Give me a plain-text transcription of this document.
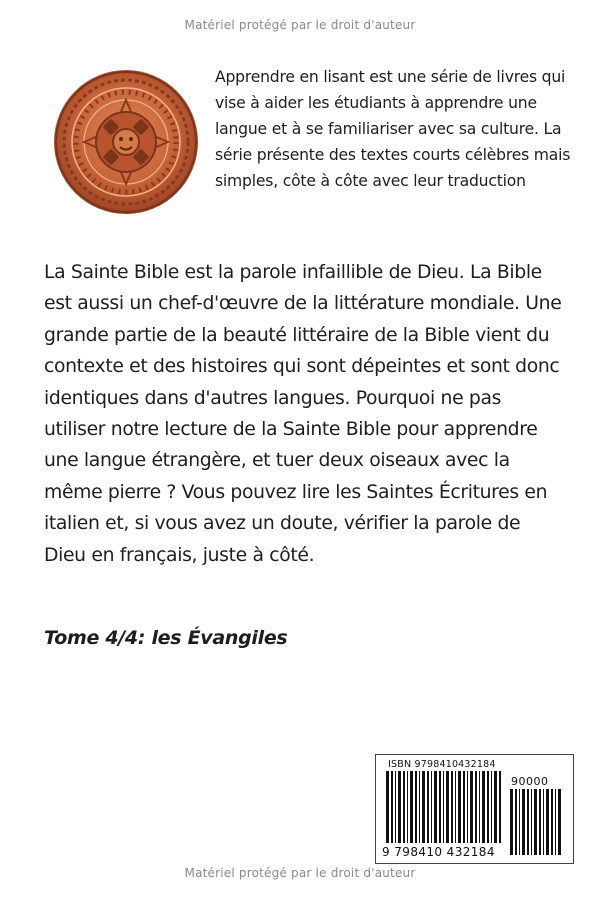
Matériel protégé par le droit d'auteur

Apprendre en lisant est une série de livres qui vise à aider les étudiants à apprendre une langue et à se familiariser avec sa culture. La série présente des textes courts célèbres mais simples, côte à côte avec leur traduction

La Sainte Bible est la parole infaillible de Dieu. La Bible est aussi un chef-d'œuvre de la littérature mondiale. Une grande partie de la beauté littéraire de la Bible vient du contexte et des histoires qui sont dépeintes et sont donc identiques dans d'autres langues. Pourquoi ne pas utiliser notre lecture de la Sainte Bible pour apprendre une langue étrangère, et tuer deux oiseaux avec la même pierre ? Vous pouvez lire les Saintes Écritures en italien et, si vous avez un doute, vérifier la parole de Dieu en français, juste à côté.

Tome 4/4: les Évangiles

ISBN 9798410432184
90000
9 798410 432184
Matériel protégé par le droit d'auteur
